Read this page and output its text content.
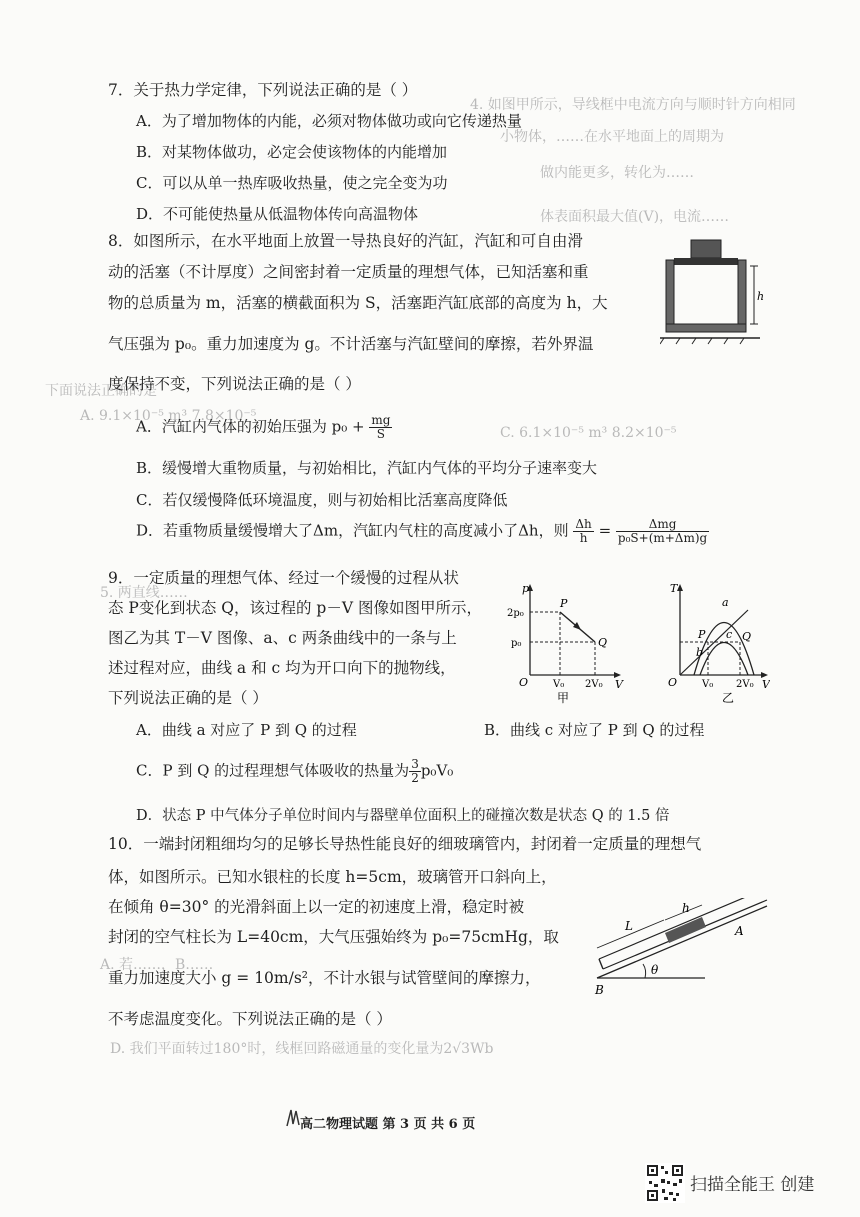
4. 如图甲所示，导线框中电流方向与顺时针方向相同
小物体，……在水平地面上的周期为
做内能更多，转化为……
体表面积最大值(V)，电流……
下面说法正确的是
A. 9.1×10⁻⁵ m³ 7.8×10⁻⁵
C. 6.1×10⁻⁵ m³ 8.2×10⁻⁵
5. 两直线……
A. 若……，B……
D. 我们平面转过180°时，线框回路磁通量的变化量为2√3Wb
7．关于热力学定律，下列说法正确的是（ ）
A．为了增加物体的内能，必须对物体做功或向它传递热量
B．对某物体做功，必定会使该物体的内能增加
C．可以从单一热库吸收热量，使之完全变为功
D．不可能使热量从低温物体传向高温物体
8．如图所示，在水平地面上放置一导热良好的汽缸，汽缸和可自由滑
动的活塞（不计厚度）之间密封着一定质量的理想气体，已知活塞和重
物的总质量为 m，活塞的横截面积为 S，活塞距汽缸底部的高度为 h，大
气压强为 p₀。重力加速度为 g。不计活塞与汽缸壁间的摩擦，若外界温
度保持不变，下列说法正确的是（ ）
h
A．汽缸内气体的初始压强为 $p_0 + \frac{mg}{S}$
B．缓慢增大重物质量，与初始相比，汽缸内气体的平均分子速率变大
C．若仅缓慢降低环境温度，则与初始相比活塞高度降低
D．若重物质量缓慢增大了Δm，汽缸内气柱的高度减小了Δh，则 $\frac{\Delta h}{h} = \frac{\text{Δmg}}{\text{p₀S+(m+Δm)g}}$
9．一定质量的理想气体、经过一个缓慢的过程从状
态 P变化到状态 Q，该过程的 p－V 图像如图甲所示，
图乙为其 T－V 图像、a、c 两条曲线中的一条与上
述过程对应，曲线 a 和 c 均为开口向下的抛物线，
下列说法正确的是（ ）
p
V
O
2p₀
p₀
P
Q
V₀ 2V₀
甲
T
V
O
a
c
b
P	Q
V₀ 2V₀
乙
A．曲线 a 对应了 P 到 Q 的过程	B．曲线 c 对应了 P 到 Q 的过程
C．P 到 Q 的过程理想气体吸收的热量为 $\frac{3}{2} p_0V_0$
D．状态 P 中气体分子单位时间内与器壁单位面积上的碰撞次数是状态 Q 的 1.5 倍
10．一端封闭粗细均匀的足够长导热性能良好的细玻璃管内，封闭着一定质量的理想气
体，如图所示。已知水银柱的长度 h=5cm，玻璃管开口斜向上，
在倾角 θ=30° 的光滑斜面上以一定的初速度上滑，稳定时被
封闭的空气柱长为 L=40cm，大气压强始终为 p₀=75cmHg，取
重力加速度大小 g = 10m/s²，不计水银与试管壁间的摩擦力，
不考虑温度变化。下列说法正确的是（ ）
L
h
A
B
θ
高二物理试题 第 3 页 共 6 页
扫描全能王 创建
